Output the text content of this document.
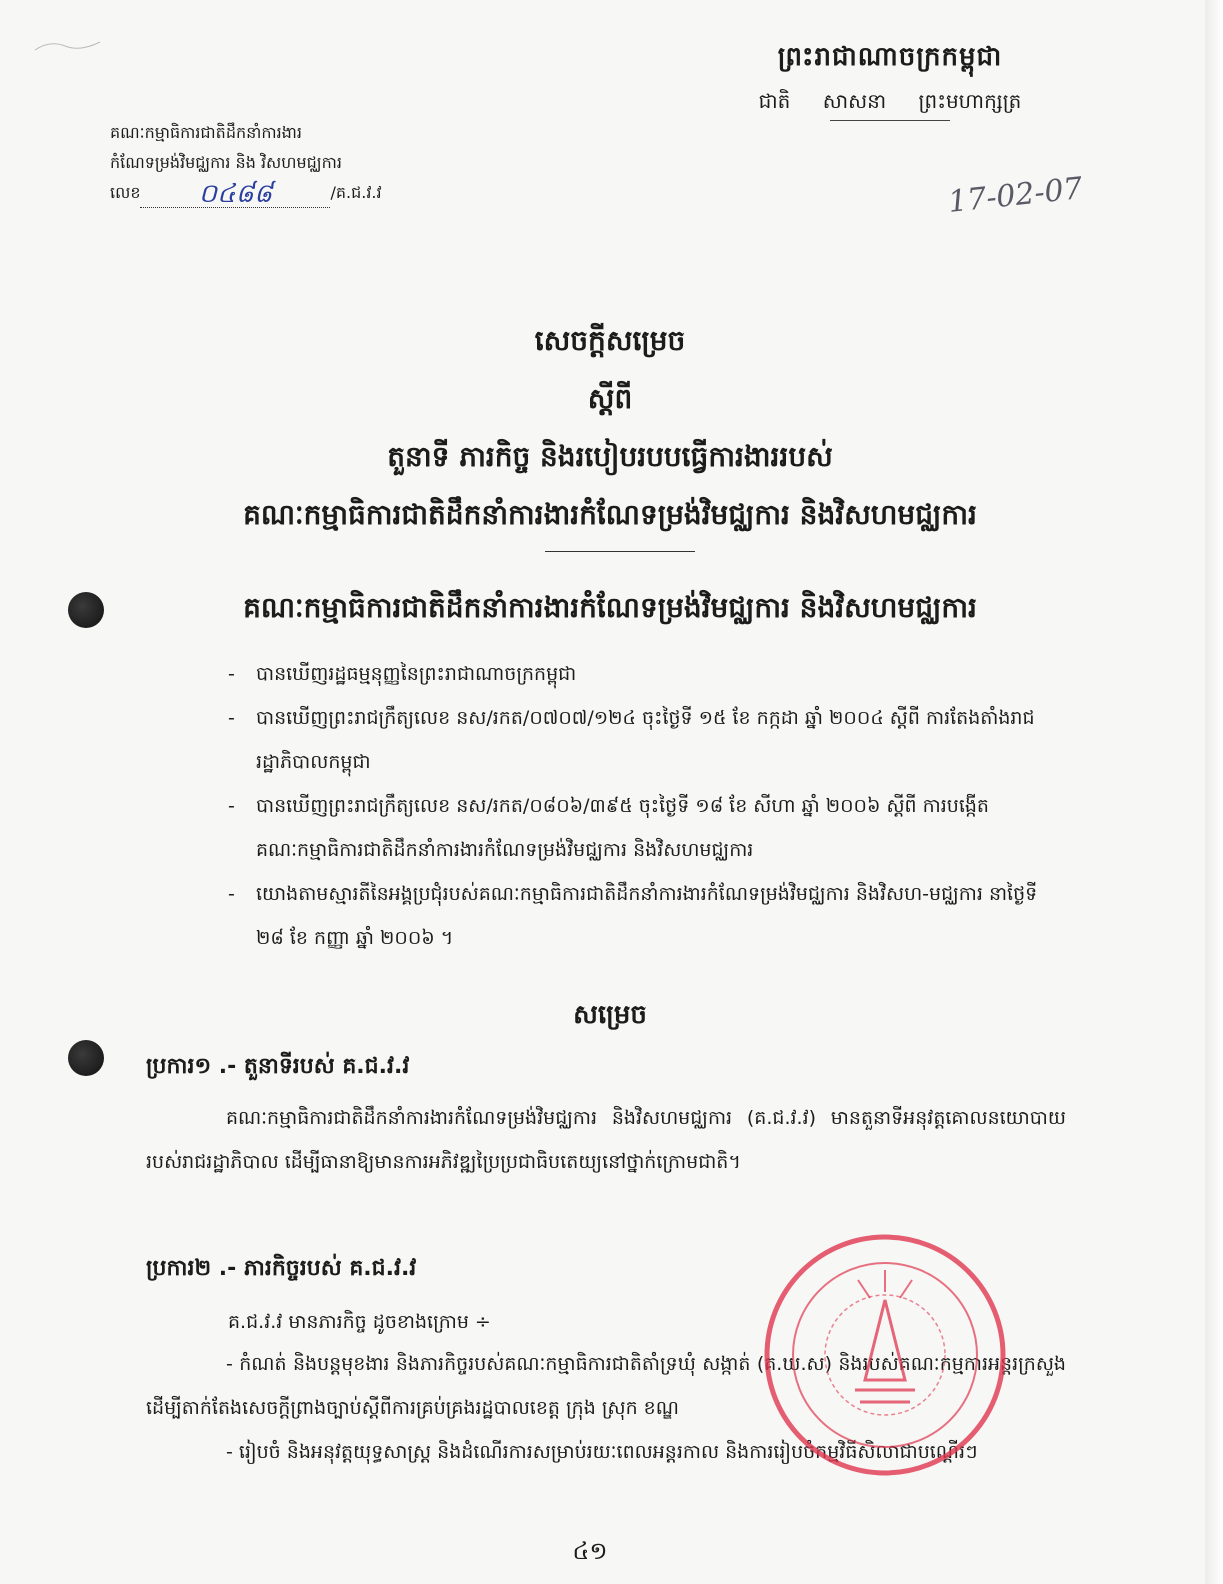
ព្រះរាជាណាចក្រកម្ពុជា
ជាតិ សាសនា ព្រះមហាក្សត្រ
គណៈកម្មាធិការជាតិដឹកនាំការងារ
កំណែទម្រង់វិមជ្ឈការ និង វិសហមជ្ឈការ
លេខ	០៤៨៨	/គ.ជ.វ.វ	17-02-07
សេចក្ដីសម្រេច
ស្ដីពី
តួនាទី ភារកិច្ច និងរបៀបរបបធ្វើការងាររបស់
គណៈកម្មាធិការជាតិដឹកនាំការងារកំណែទម្រង់វិមជ្ឈការ និងវិសហមជ្ឈការ
គណៈកម្មាធិការជាតិដឹកនាំការងារកំណែទម្រង់វិមជ្ឈការ និងវិសហមជ្ឈការ
-	បានឃើញរដ្ឋធម្មនុញ្ញនៃព្រះរាជាណាចក្រកម្ពុជា
-	បានឃើញព្រះរាជក្រឹត្យលេខ នស/រកត/០៧០៧/១២៤ ចុះថ្ងៃទី ១៥ ខែ កក្កដា ឆ្នាំ ២០០៤ ស្ដីពី ការតែងតាំងរាជរដ្ឋាភិបាលកម្ពុជា
-	បានឃើញព្រះរាជក្រឹត្យលេខ នស/រកត/០៨០៦/៣៩៥ ចុះថ្ងៃទី ១៨ ខែ សីហា ឆ្នាំ ២០០៦ ស្ដីពី ការបង្កើតគណៈកម្មាធិការជាតិដឹកនាំការងារកំណែទម្រង់វិមជ្ឈការ និងវិសហមជ្ឈការ
-	យោងតាមស្មារតីនៃអង្គប្រជុំរបស់គណៈកម្មាធិការជាតិដឹកនាំការងារកំណែទម្រង់វិមជ្ឈការ និងវិសហ-មជ្ឈការ នាថ្ងៃទី ២៨ ខែ កញ្ញា ឆ្នាំ ២០០៦ ។
សម្រេច
ប្រការ១ .- តួនាទីរបស់ គ.ជ.វ.វ
គណៈកម្មាធិការជាតិដឹកនាំការងារកំណែទម្រង់វិមជ្ឈការ និងវិសហមជ្ឈការ (គ.ជ.វ.វ) មានតួនាទីអនុវត្តគោលនយោបាយរបស់រាជរដ្ឋាភិបាល ដើម្បីធានាឱ្យមានការអភិវឌ្ឍប្រៃប្រជាធិបតេយ្យនៅថ្នាក់ក្រោមជាតិ។
ប្រការ២ .- ភារកិច្ចរបស់ គ.ជ.វ.វ
គ.ជ.វ.វ មានភារកិច្ច ដូចខាងក្រោម ÷
- កំណត់ និងបន្តមុខងារ និងភារកិច្ចរបស់គណៈកម្មាធិការជាតិតាំទ្រឃុំ សង្កាត់ (គ.ឃ.ស) និងរបស់គណៈកម្មការអន្តរក្រសួងដើម្បីតាក់តែងសេចក្ដីព្រាងច្បាប់ស្ដីពីការគ្រប់គ្រងរដ្ឋបាលខេត្ត ក្រុង ស្រុក ខណ្ឌ
- រៀបចំ និងអនុវត្តយុទ្ធសាស្ត្រ និងដំណើរការសម្រាប់រយៈពេលអន្តរកាល និងការរៀបចំ​កម្មវិធីសិលាជាបណ្ដើរៗ
៤១
